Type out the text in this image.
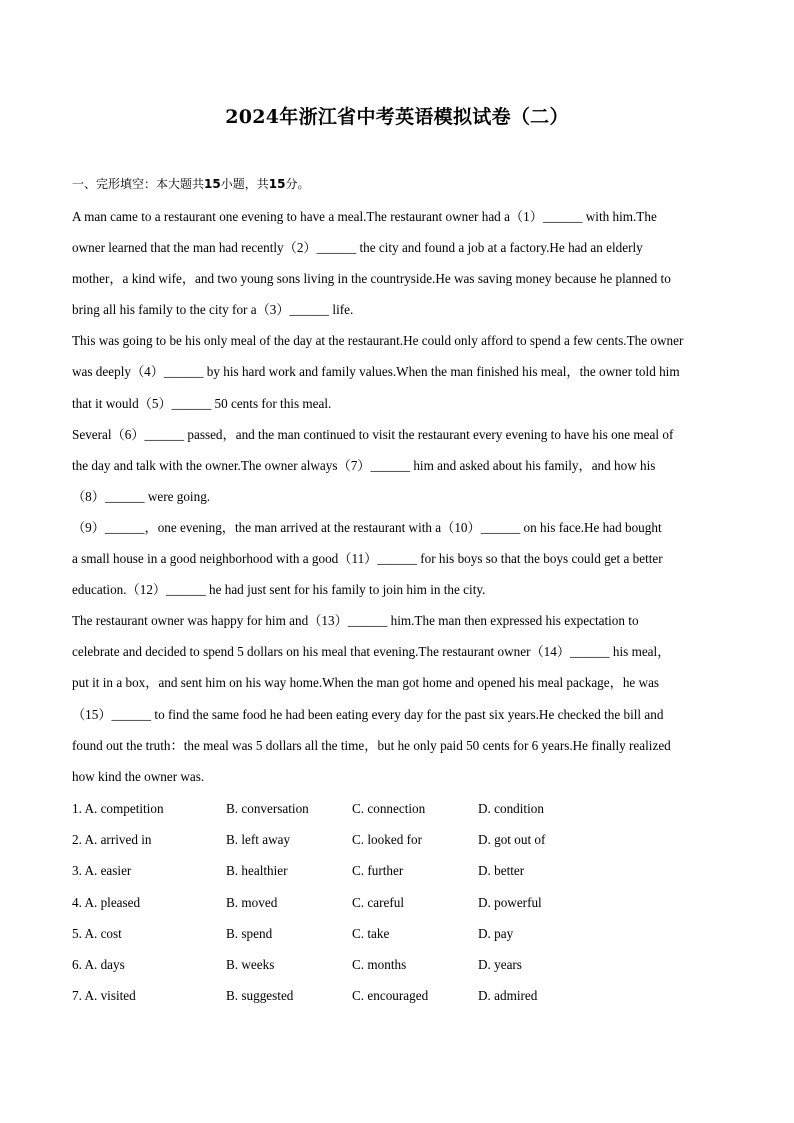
2024年浙江省中考英语模拟试卷（二）
一、完形填空：本大题共15小题，共15分。

A man came to a restaurant one evening to have a meal.The restaurant owner had a（1）______ with him.The
owner learned that the man had recently（2）______ the city and found a job at a factory.He had an elderly
mother，a kind wife，and two young sons living in the countryside.He was saving money because he planned to
bring all his family to the city for a（3）______ life.

This was going to be his only meal of the day at the restaurant.He could only afford to spend a few cents.The owner
was deeply（4）______ by his hard work and family values.When the man finished his meal，the owner told him
that it would（5）______ 50 cents for this meal.

Several（6）______ passed，and the man continued to visit the restaurant every evening to have his one meal of
the day and talk with the owner.The owner always（7）______ him and asked about his family，and how his
（8）______ were going.

（9）______，one evening，the man arrived at the restaurant with a（10）______ on his face.He had bought
a small house in a good neighborhood with a good（11）______ for his boys so that the boys could get a better
education.（12）______ he had just sent for his family to join him in the city.

The restaurant owner was happy for him and（13）______ him.The man then expressed his expectation to
celebrate and decided to spend 5 dollars on his meal that evening.The restaurant owner（14）______ his meal，
put it in a box，and sent him on his way home.When the man got home and opened his meal package，he was
（15）______ to find the same food he had been eating every day for the past six years.He checked the bill and
found out the truth：the meal was 5 dollars all the time，but he only paid 50 cents for 6 years.He finally realized
how kind the owner was.

1. A. competition	B. conversation	C. connection	D. condition
2. A. arrived in	B. left away	C. looked for	D. got out of
3. A. easier	B. healthier	C. further	D. better
4. A. pleased	B. moved	C. careful	D. powerful
5. A. cost	B. spend	C. take	D. pay
6. A. days	B. weeks	C. months	D. years
7. A. visited	B. suggested	C. encouraged	D. admired
